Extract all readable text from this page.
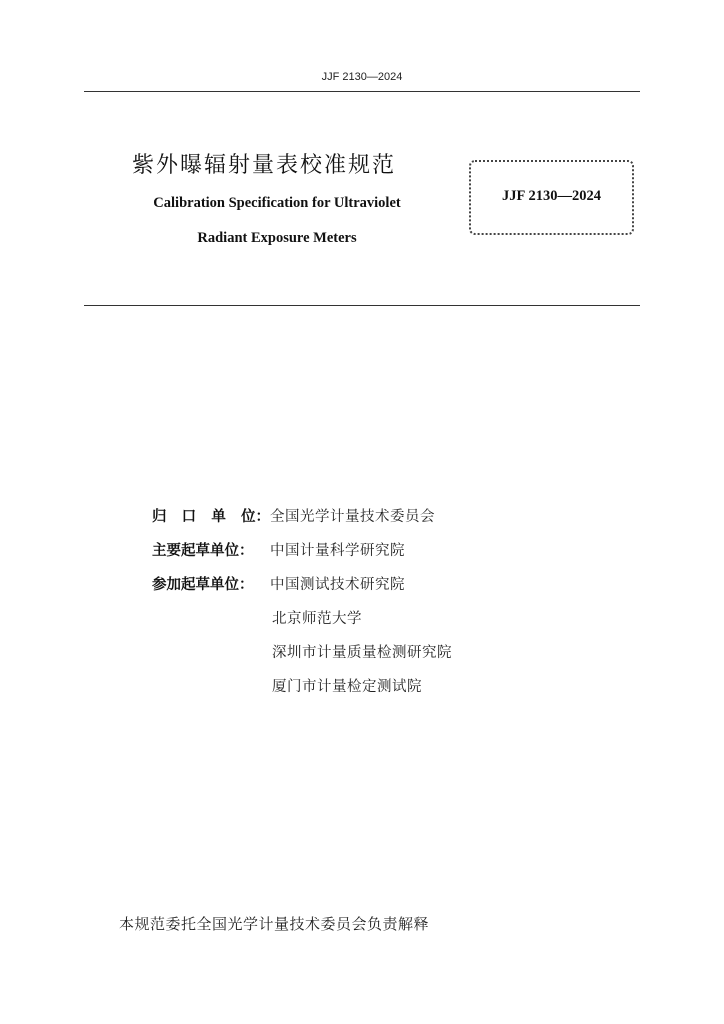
JJF 2130—2024
紫外曝辐射量表校准规范
Calibration Specification for Ultraviolet
Radiant Exposure Meters
JJF 2130—2024
归 口 单 位： 全国光学计量技术委员会
主要起草单位：	中国计量科学研究院
参加起草单位：	中国测试技术研究院
北京师范大学
深圳市计量质量检测研究院
厦门市计量检定测试院
本规范委托全国光学计量技术委员会负责解释
